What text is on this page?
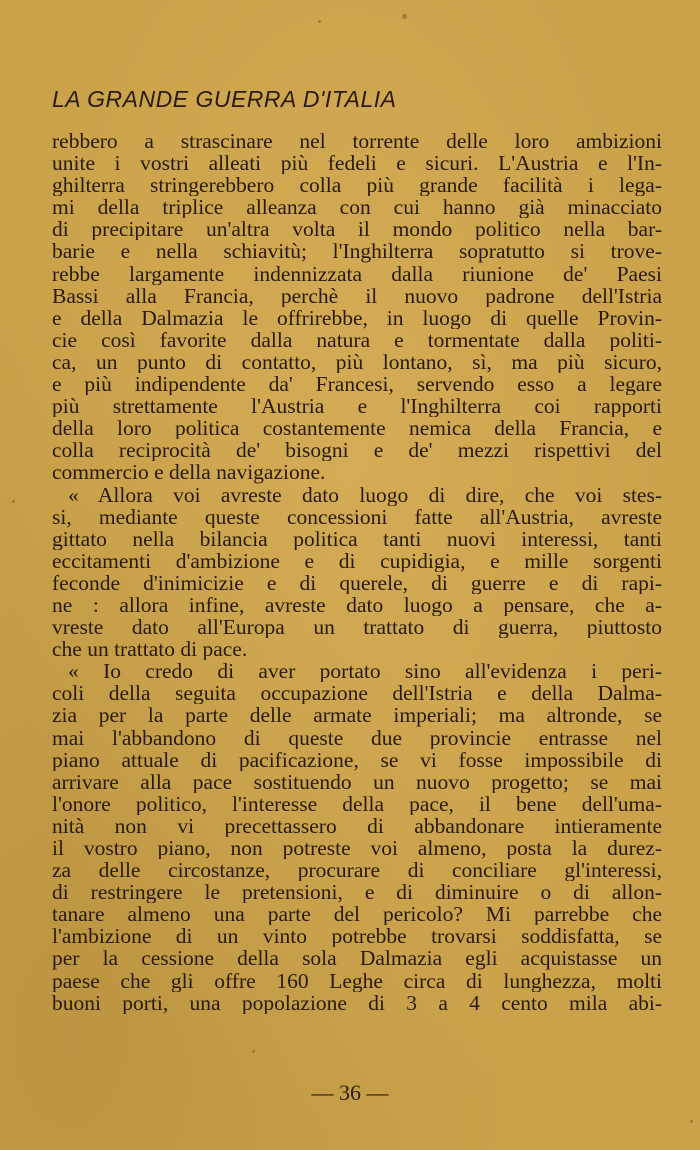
LA GRANDE GUERRA D'ITALIA
rebbero a strascinare nel torrente delle loro ambizioni
unite i vostri alleati più fedeli e sicuri. L'Austria e l'In-
ghilterra stringerebbero colla più grande facilità i lega-
mi della triplice alleanza con cui hanno già minacciato
di precipitare un'altra volta il mondo politico nella bar-
barie e nella schiavitù; l'Inghilterra sopratutto si trove-
rebbe largamente indennizzata dalla riunione de' Paesi
Bassi alla Francia, perchè il nuovo padrone dell'Istria
e della Dalmazia le offrirebbe, in luogo di quelle Provin-
cie così favorite dalla natura e tormentate dalla politi-
ca, un punto di contatto, più lontano, sì, ma più sicuro,
e più indipendente da' Francesi, servendo esso a legare
più strettamente l'Austria e l'Inghilterra coi rapporti
della loro politica costantemente nemica della Francia, e
colla reciprocità de' bisogni e de' mezzi rispettivi del
commercio e della navigazione.
« Allora voi avreste dato luogo di dire, che voi stes-
si, mediante queste concessioni fatte all'Austria, avreste
gittato nella bilancia politica tanti nuovi interessi, tanti
eccitamenti d'ambizione e di cupidigia, e mille sorgenti
feconde d'inimicizie e di querele, di guerre e di rapi-
ne : allora infine, avreste dato luogo a pensare, che a-
vreste dato all'Europa un trattato di guerra, piuttosto
che un trattato di pace.
« Io credo di aver portato sino all'evidenza i peri-
coli della seguita occupazione dell'Istria e della Dalma-
zia per la parte delle armate imperiali; ma altronde, se
mai l'abbandono di queste due provincie entrasse nel
piano attuale di pacificazione, se vi fosse impossibile di
arrivare alla pace sostituendo un nuovo progetto; se mai
l'onore politico, l'interesse della pace, il bene dell'uma-
nità non vi precettassero di abbandonare intieramente
il vostro piano, non potreste voi almeno, posta la durez-
za delle circostanze, procurare di conciliare gl'interessi,
di restringere le pretensioni, e di diminuire o di allon-
tanare almeno una parte del pericolo? Mi parrebbe che
l'ambizione di un vinto potrebbe trovarsi soddisfatta, se
per la cessione della sola Dalmazia egli acquistasse un
paese che gli offre 160 Leghe circa di lunghezza, molti
buoni porti, una popolazione di 3 a 4 cento mila abi-
— 36 —
